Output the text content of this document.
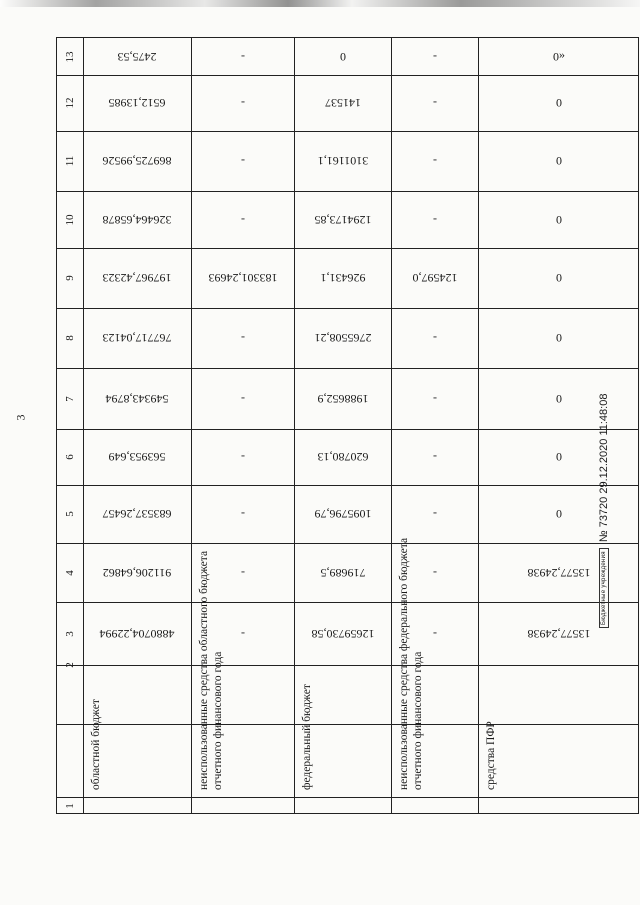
3
13	2475,53	-	0	-	«0
12	6512,13985	-	141537	-	0
11 869725,99526	-	3101161,1	-	0
10 326464,65878	-	1294173,85	-	0
9 197967,42323	183301,24693	926431,1	124597,0	0
8 767717,04123	-	2765508,21	-	0
7 549343,8794	-	1988652,9	-	0
6	563953,649	-	620780,13	-	0
5 683537,26457	-	1095796,79	-	0
4 911206,64862	-	719689,5	-	13577,24938
3 4880704,22994	-	12659730,58	-	13577,24938
2
1
областной бюджет	неиспользованные средства областного бюджета отчетного финансового года	федеральный бюджет	неиспользованные средства федерального бюджета отчетного финансового года	средства ПФР
Бюджетные учреждения
№ 73720 29.12.2020 11:48:08
